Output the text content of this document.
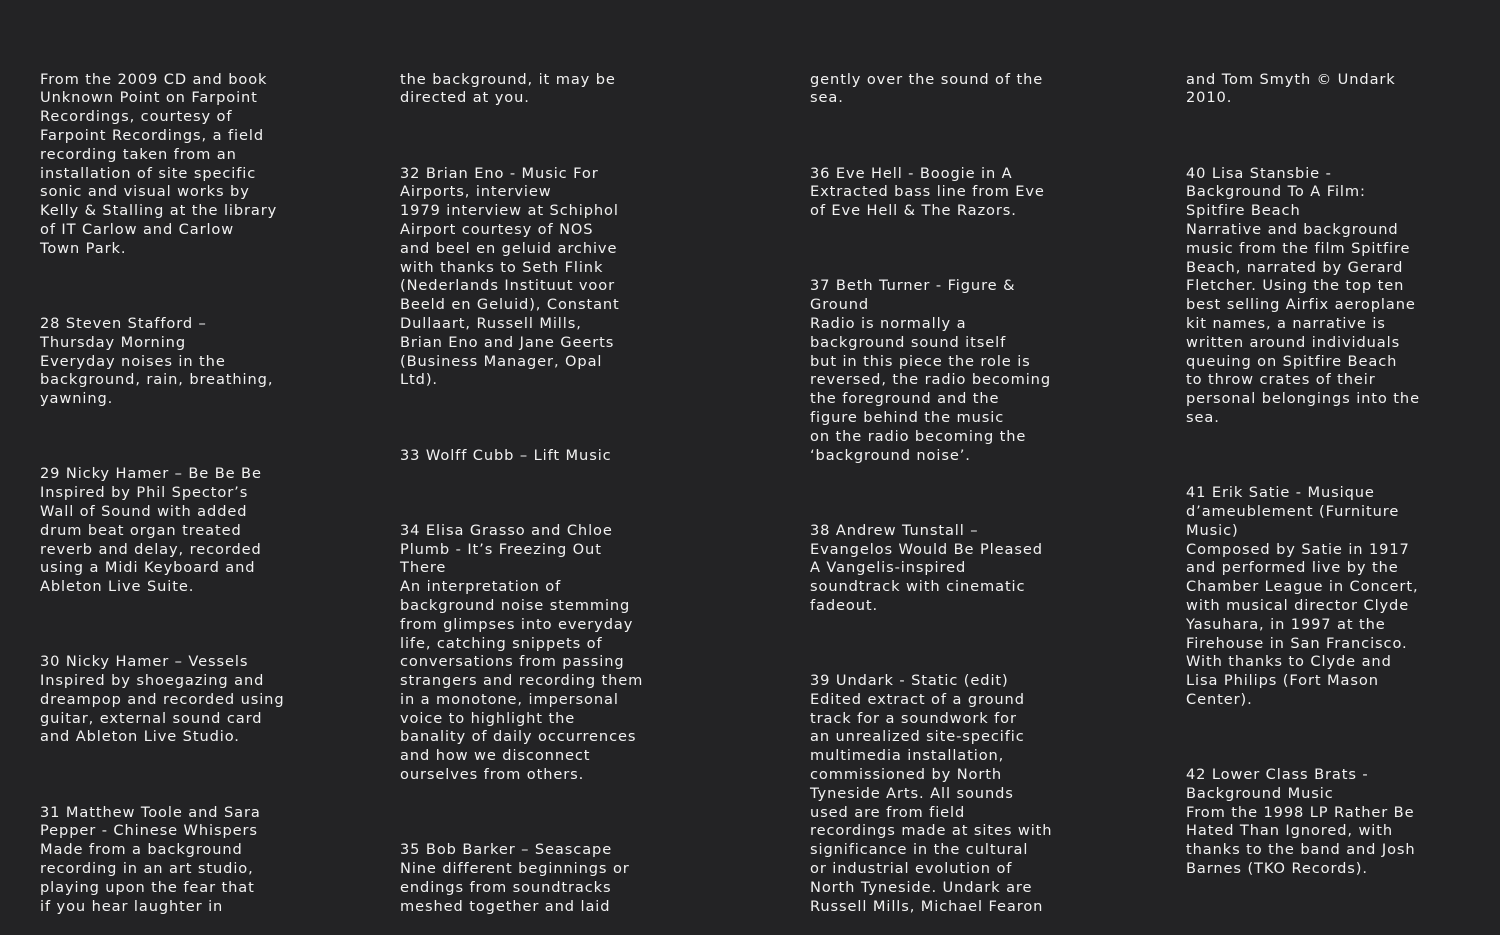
From the 2009 CD and book
Unknown Point on Farpoint
Recordings, courtesy of
Farpoint Recordings, a field
recording taken from an
installation of site specific
sonic and visual works by
Kelly & Stalling at the library
of IT Carlow and Carlow
Town Park.

28 Steven Stafford –
Thursday Morning
Everyday noises in the
background, rain, breathing,
yawning.

29 Nicky Hamer – Be Be Be
Inspired by Phil Spector’s
Wall of Sound with added
drum beat organ treated
reverb and delay, recorded
using a Midi Keyboard and
Ableton Live Suite.

30 Nicky Hamer – Vessels
Inspired by shoegazing and
dreampop and recorded using
guitar, external sound card
and Ableton Live Studio.

31 Matthew Toole and Sara
Pepper - Chinese Whispers
Made from a background
recording in an art studio,
playing upon the fear that
if you hear laughter in

the background, it may be
directed at you.

32 Brian Eno - Music For
Airports, interview
1979 interview at Schiphol
Airport courtesy of NOS
and beel en geluid archive
with thanks to Seth Flink
(Nederlands Instituut voor
Beeld en Geluid), Constant
Dullaart, Russell Mills,
Brian Eno and Jane Geerts
(Business Manager, Opal
Ltd).

33 Wolff Cubb – Lift Music

34 Elisa Grasso and Chloe
Plumb - It’s Freezing Out
There
An interpretation of
background noise stemming
from glimpses into everyday
life, catching snippets of
conversations from passing
strangers and recording them
in a monotone, impersonal
voice to highlight the
banality of daily occurrences
and how we disconnect
ourselves from others.

35 Bob Barker – Seascape
Nine different beginnings or
endings from soundtracks
meshed together and laid

gently over the sound of the
sea.

36 Eve Hell - Boogie in A
Extracted bass line from Eve
of Eve Hell & The Razors.

37 Beth Turner - Figure &
Ground
Radio is normally a
background sound itself
but in this piece the role is
reversed, the radio becoming
the foreground and the
figure behind the music
on the radio becoming the
‘background noise’.

38 Andrew Tunstall –
Evangelos Would Be Pleased
A Vangelis-inspired
soundtrack with cinematic
fadeout.

39 Undark - Static (edit)
Edited extract of a ground
track for a soundwork for
an unrealized site-specific
multimedia installation,
commissioned by North
Tyneside Arts. All sounds
used are from field
recordings made at sites with
significance in the cultural
or industrial evolution of
North Tyneside. Undark are
Russell Mills, Michael Fearon

and Tom Smyth © Undark
2010.

40 Lisa Stansbie -
Background To A Film:
Spitfire Beach
Narrative and background
music from the film Spitfire
Beach, narrated by Gerard
Fletcher. Using the top ten
best selling Airfix aeroplane
kit names, a narrative is
written around individuals
queuing on Spitfire Beach
to throw crates of their
personal belongings into the
sea.

41 Erik Satie - Musique
d’ameublement (Furniture
Music)
Composed by Satie in 1917
and performed live by the
Chamber League in Concert,
with musical director Clyde
Yasuhara, in 1997 at the
Firehouse in San Francisco.
With thanks to Clyde and
Lisa Philips (Fort Mason
Center).

42 Lower Class Brats -
Background Music
From the 1998 LP Rather Be
Hated Than Ignored, with
thanks to the band and Josh
Barnes (TKO Records).
